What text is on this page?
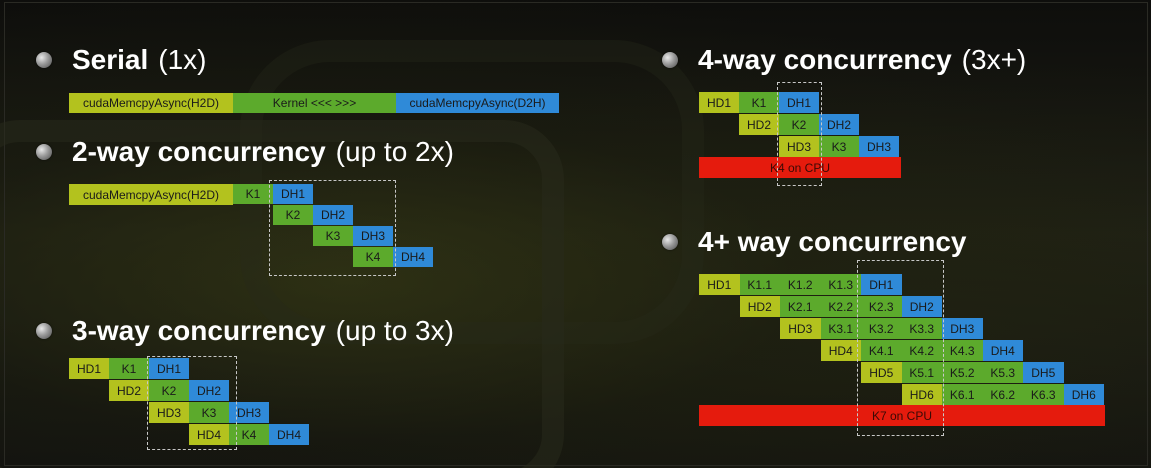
Serial (1x)
cudaMemcpyAsync(H2D)	Kernel <<< >>>	cudaMemcpyAsync(D2H)
2-way concurrency (up to 2x)
cudaMemcpyAsync(H2D)	K1	DH1
K2	DH2
K3	DH3
K4	DH4
3-way concurrency (up to 3x)
HD1	K1	DH1
HD2	K2	DH2
HD3	K3	DH3
HD4	K4	DH4
4-way concurrency (3x+)
HD1	K1	DH1
HD2	K2	DH2
HD3	K3	DH3
K4 on CPU
4+ way concurrency
HD1	K1.1	K1.2	K1.3	DH1
HD2	K2.1	K2.2	K2.3	DH2
HD3	K3.1	K3.2	K3.3	DH3
HD4	K4.1	K4.2	K4.3	DH4
HD5	K5.1	K5.2	K5.3	DH5
HD6	K6.1	K6.2	K6.3	DH6
K7 on CPU
